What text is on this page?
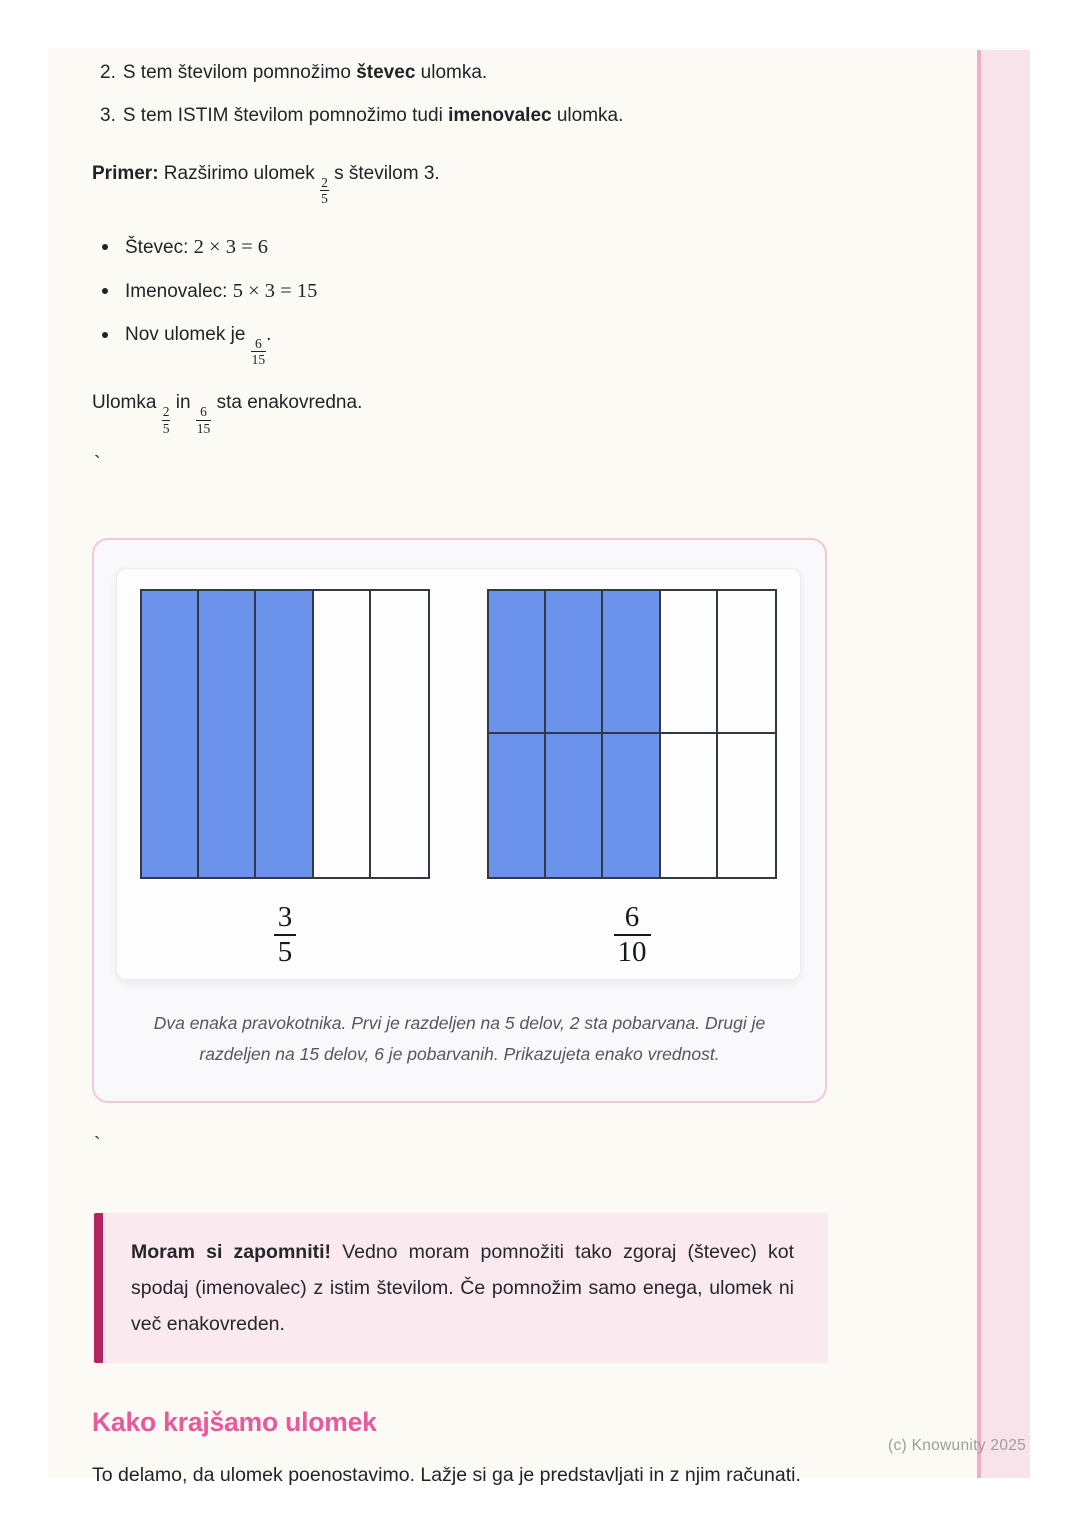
2. S tem številom pomnožimo števec ulomka.
3. S tem ISTIM številom pomnožimo tudi imenovalec ulomka.

Primer: Razširimo ulomek
$\frac{2}{5}$
s številom 3.

Števec: 2 × 3 = 6
Imenovalec: 5 × 3 = 15
Nov ulomek je
$\frac{6}{15}$
.

Ulomka
$\frac{2}{5}$
in
$\frac{6}{15}$
sta enakovredna.

`
$\frac{3}{5}$	$\frac{6}{10}$

Dva enaka pravokotnika. Prvi je razdeljen na 5 delov, 2 sta pobarvana. Drugi je razdeljen na 15 delov, 6 je pobarvanih. Prikazujeta enako vrednost.

`
Moram si zapomniti! Vedno moram pomnožiti tako zgoraj (števec) kot spodaj (imenovalec) z istim številom. Če pomnožim samo enega, ulomek ni več enakovreden.
Kako krajšamo ulomek

To delamo, da ulomek poenostavimo. Lažje si ga je predstavljati in z njim računati.

(c) Knowunity 2025
